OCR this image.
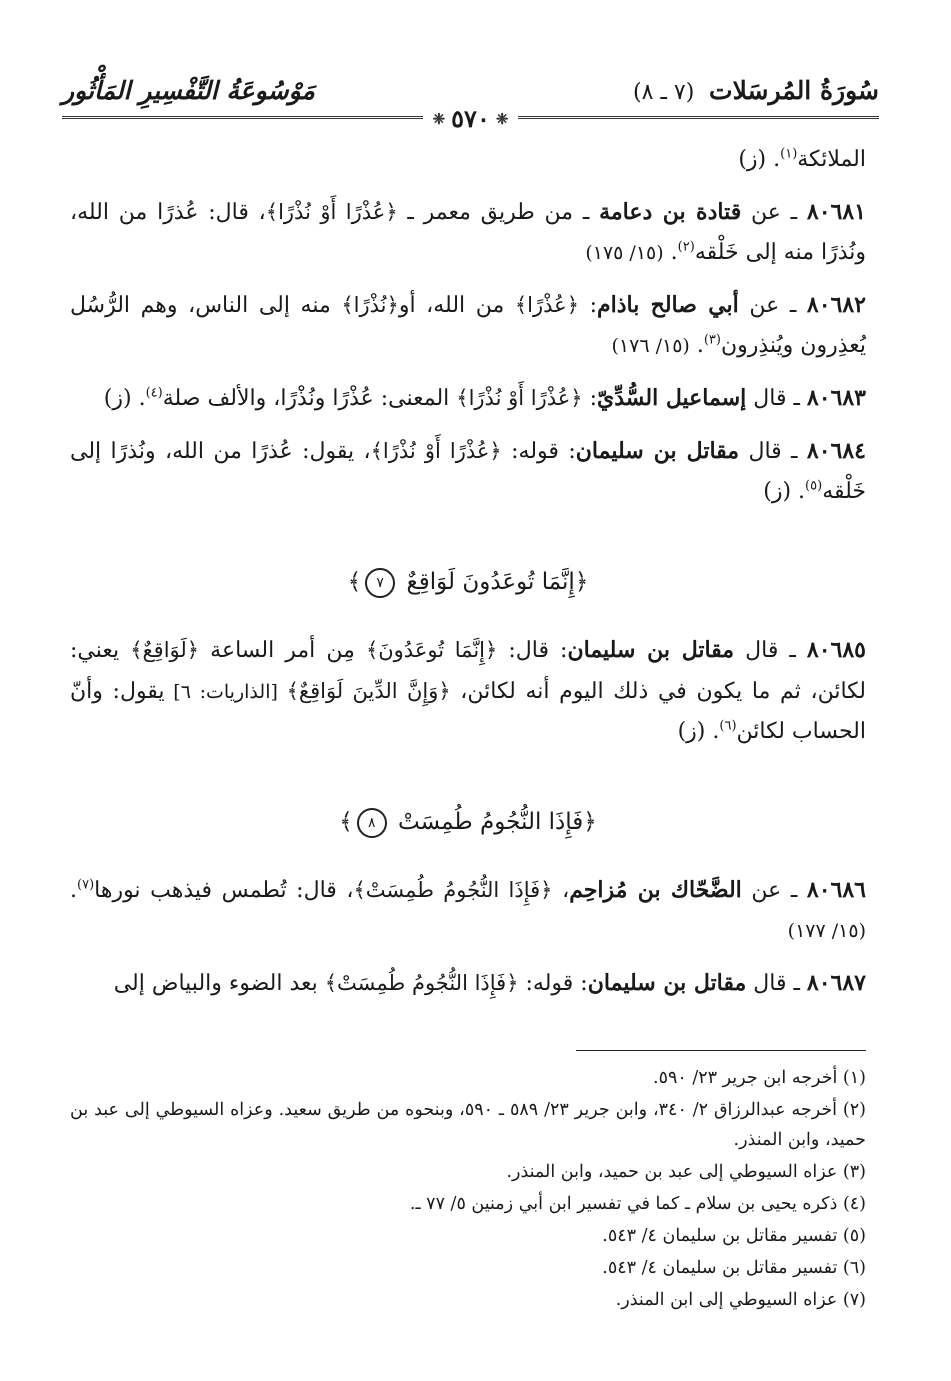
سُورَةُ المُرسَلات (٧ ـ ٨)
مَوْسُوعَةُ التَّفْسِيرِ المَأْثُور
❈
٥٧٠
❈

الملائكة$^{(١)}$. (ز)

٨٠٦٨١ ـ عن قتادة بن دعامة ـ من طريق معمر ـ ﴿عُذْرًا أَوْ نُذْرًا﴾، قال: عُذرًا من الله، ونُذرًا منه إلى خَلْقه$^{(٢)}$. (١٥/ ١٧٥)

٨٠٦٨٢ ـ عن أبي صالح باذام: ﴿عُذْرًا﴾ من الله، أو﴿نُذْرًا﴾ منه إلى الناس، وهم الرُّسُل يُعذِرون ويُنذِرون$^{(٣)}$. (١٥/ ١٧٦)

٨٠٦٨٣ ـ قال إسماعيل السُّدِّيّ: ﴿عُذْرًا أَوْ نُذْرًا﴾ المعنى: عُذْرًا ونُذْرًا، والألف صلة$^{(٤)}$. (ز)

٨٠٦٨٤ ـ قال مقاتل بن سليمان: قوله: ﴿عُذْرًا أَوْ نُذْرًا﴾، يقول: عُذرًا من الله، ونُذرًا إلى خَلْقه$^{(٥)}$. (ز)

﴿إِنَّمَا تُوعَدُونَ لَوَاقِعٌ ٧﴾

٨٠٦٨٥ ـ قال مقاتل بن سليمان: قال: ﴿إِنَّمَا تُوعَدُونَ﴾ مِن أمر الساعة ﴿لَوَاقِعٌ﴾ يعني: لكائن، ثم ما يكون في ذلك اليوم أنه لكائن، ﴿وَإِنَّ الدِّينَ لَوَاقِعٌ﴾ [الذاريات: ٦] يقول: وأنّ الحساب لكائن$^{(٦)}$. (ز)

﴿فَإِذَا النُّجُومُ طُمِسَتْ ٨﴾

٨٠٦٨٦ ـ عن الضَّحّاك بن مُزاحِم، ﴿فَإِذَا النُّجُومُ طُمِسَتْ﴾، قال: تُطمس فيذهب نورها$^{(٧)}$. (١٥/ ١٧٧)

٨٠٦٨٧ ـ قال مقاتل بن سليمان: قوله: ﴿فَإِذَا النُّجُومُ طُمِسَتْ﴾ بعد الضوء والبياض إلى

(١) أخرجه ابن جرير ٢٣/ ٥٩٠.

(٢) أخرجه عبدالرزاق ٢/ ٣٤٠، وابن جرير ٢٣/ ٥٨٩ ـ ٥٩٠، وبنحوه من طريق سعيد. وعزاه السيوطي إلى عبد بن حميد، وابن المنذر.

(٣) عزاه السيوطي إلى عبد بن حميد، وابن المنذر.

(٤) ذكره يحيى بن سلام ـ كما في تفسير ابن أبي زمنين ٥/ ٧٧ ـ.

(٥) تفسير مقاتل بن سليمان ٤/ ٥٤٣.

(٦) تفسير مقاتل بن سليمان ٤/ ٥٤٣.

(٧) عزاه السيوطي إلى ابن المنذر.
